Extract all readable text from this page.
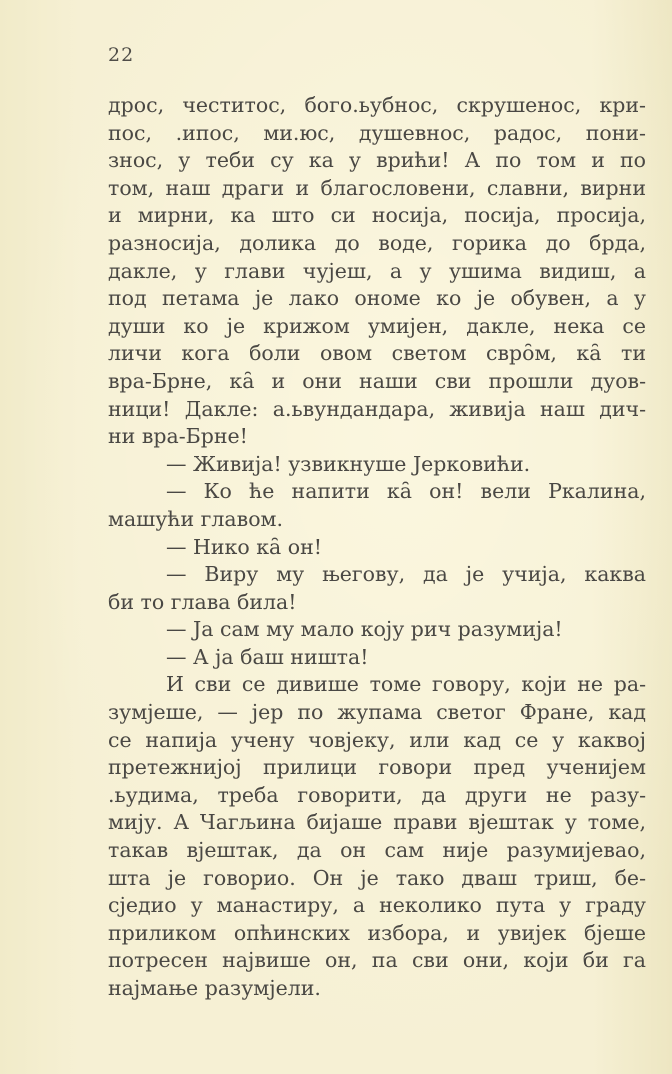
22
дрос, честитос, бого.ьубнос, скрушенос, кри-
пос, .ипос, ми.юс, душевнос, радос, пони-
знос, у теби су ка у врићи! А по том и по
том, наш драги и благословени, славни, вирни
и мирни, ка што си носија, посија, просија,
разносија, долика до воде, горика до брда,
дакле, у глави чујеш, а у ушима видиш, а
под петама је лако ономе ко је обувен, а у
души ко је крижом умијен, дакле, нека се
личи кога боли овом светом свро̑м, ка̑ ти
вра-Брне, ка̑ и они наши сви прошли дуов-
ници! Дакле: а.ьвундандара, живија наш дич-
ни вра-Брне!
— Живија! узвикнуше Јерковићи.
— Ко ће напити ка̑ он! вели Ркалина,
машући главом.
— Нико ка̑ он!
— Виру му његову, да је учија, каква
би то глава била!
— Ја сам му мало коју рич разумија!
— А ја баш ништа!
И сви се дивише томе говору, који не ра-
зумјеше, — јер по жупама светог Фране, кад
се напија учену човјеку, или кад се у каквој
претежнијој прилици говори пред ученијем
.ьудима, треба говорити, да други не разу-
мију. А Чагљина бијаше прави вјештак у томе,
такав вјештак, да он сам није разумијевао,
шта је говорио. Он је тако дваш триш, бе-
сједио у манастиру, а неколико пута у граду
приликом опћинских избора, и увијек бјеше
потресен највише он, па сви они, који би га
најмање разумјели.
